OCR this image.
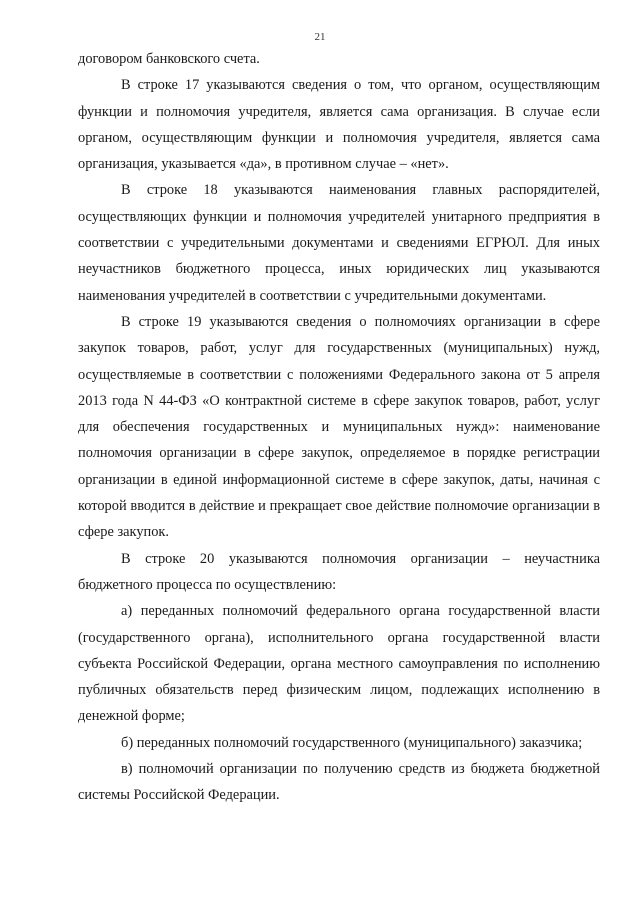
21

договором банковского счета.

В строке 17 указываются сведения о том, что органом, осуществляющим функции и полномочия учредителя, является сама организация. В случае если органом, осуществляющим функции и полномочия учредителя, является сама организация, указывается «да», в противном случае – «нет».

В строке 18 указываются наименования главных распорядителей, осуществляющих функции и полномочия учредителей унитарного предприятия в соответствии с учредительными документами и сведениями ЕГРЮЛ. Для иных неучастников бюджетного процесса, иных юридических лиц указываются наименования учредителей в соответствии с учредительными документами.

В строке 19 указываются сведения о полномочиях организации в сфере закупок товаров, работ, услуг для государственных (муниципальных) нужд, осуществляемые в соответствии с положениями Федерального закона от 5 апреля 2013 года N 44-ФЗ «О контрактной системе в сфере закупок товаров, работ, услуг для обеспечения государственных и муниципальных нужд»: наименование полномочия организации в сфере закупок, определяемое в порядке регистрации организации в единой информационной системе в сфере закупок, даты, начиная с которой вводится в действие и прекращает свое действие полномочие организации в сфере закупок.

В строке 20 указываются полномочия организации – неучастника бюджетного процесса по осуществлению:

а) переданных полномочий федерального органа государственной власти (государственного органа), исполнительного органа государственной власти субъекта Российской Федерации, органа местного самоуправления по исполнению публичных обязательств перед физическим лицом, подлежащих исполнению в денежной форме;

б) переданных полномочий государственного (муниципального) заказчика;

в) полномочий организации по получению средств из бюджета бюджетной системы Российской Федерации.
